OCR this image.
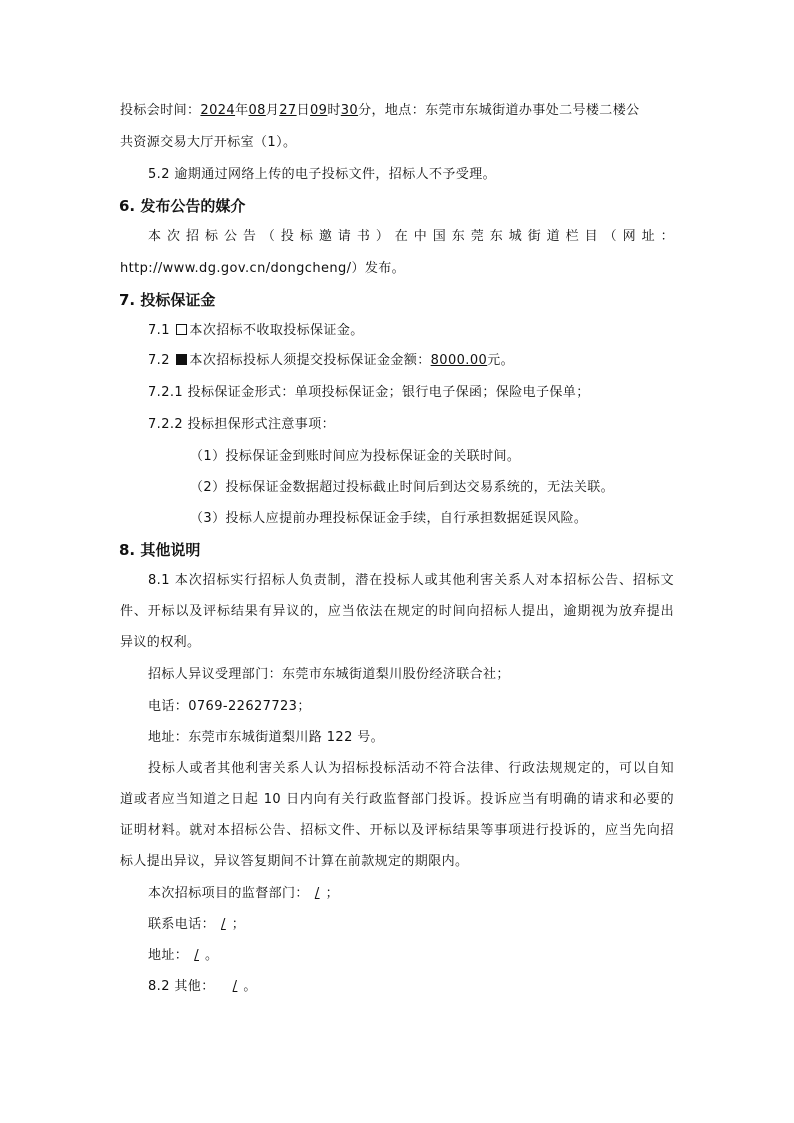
投标会时间：2024年08月27日09时30分，地点：东莞市东城街道办事处二号楼二楼公
共资源交易大厅开标室（1）。
5.2 逾期通过网络上传的电子投标文件，招标人不予受理。
6. 发布公告的媒介
本次招标公告（投标邀请书）在中国东莞东城街道栏目（网址：
http://www.dg.gov.cn/dongcheng/）发布。
7. 投标保证金
7.1 本次招标不收取投标保证金。
7.2 本次招标投标人须提交投标保证金金额：8000.00元。
7.2.1 投标保证金形式：单项投标保证金；银行电子保函；保险电子保单；
7.2.2 投标担保形式注意事项：
（1）投标保证金到账时间应为投标保证金的关联时间。
（2）投标保证金数据超过投标截止时间后到达交易系统的，无法关联。
（3）投标人应提前办理投标保证金手续，自行承担数据延误风险。
8. 其他说明
8.1 本次招标实行招标人负责制，潜在投标人或其他利害关系人对本招标公告、招标文
件、开标以及评标结果有异议的，应当依法在规定的时间向招标人提出，逾期视为放弃提出
异议的权利。
招标人异议受理部门：东莞市东城街道梨川股份经济联合社；
电话：0769-22627723；
地址：东莞市东城街道梨川路 122 号。
投标人或者其他利害关系人认为招标投标活动不符合法律、行政法规规定的，可以自知
道或者应当知道之日起 10 日内向有关行政监督部门投诉。投诉应当有明确的请求和必要的
证明材料。就对本招标公告、招标文件、开标以及评标结果等事项进行投诉的，应当先向招
标人提出异议，异议答复期间不计算在前款规定的期限内。
本次招标项目的监督部门： / ；
联系电话： / ；
地址： / 。
8.2 其他： / 。
